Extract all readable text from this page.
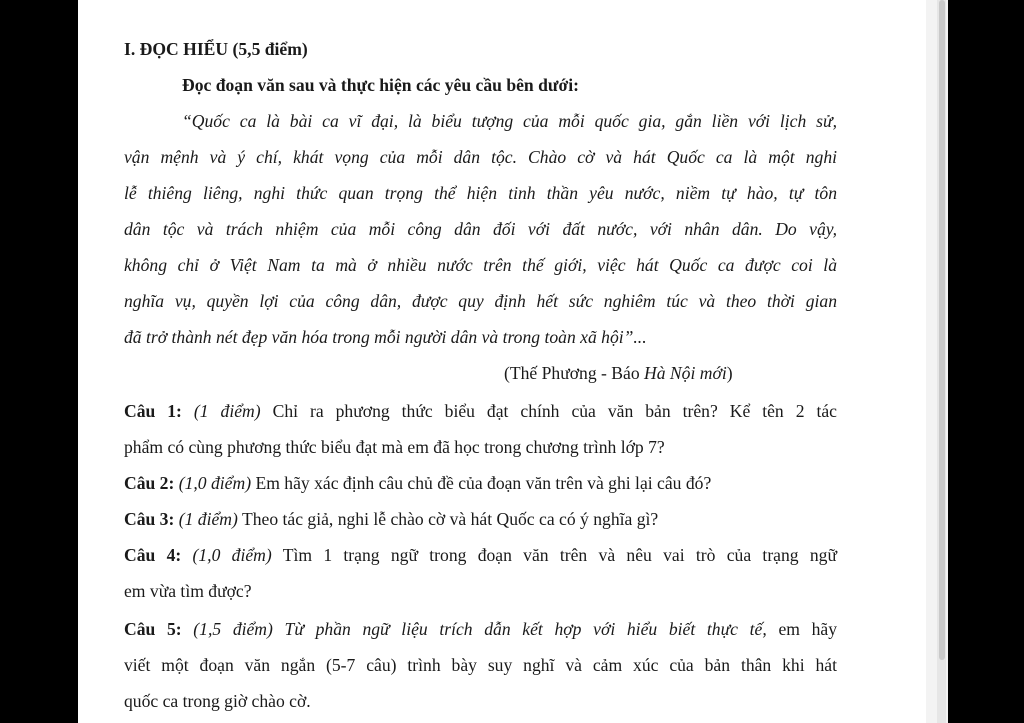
I. ĐỌC HIỂU (5,5 điểm)
Đọc đoạn văn sau và thực hiện các yêu cầu bên dưới:
“Quốc ca là bài ca vĩ đại, là biểu tượng của mỗi quốc gia, gắn liền với lịch sử,
vận mệnh và ý chí, khát vọng của mỗi dân tộc. Chào cờ và hát Quốc ca là một nghi
lễ thiêng liêng, nghi thức quan trọng thể hiện tinh thần yêu nước, niềm tự hào, tự tôn
dân tộc và trách nhiệm của mỗi công dân đối với đất nước, với nhân dân. Do vậy,
không chỉ ở Việt Nam ta mà ở nhiều nước trên thế giới, việc hát Quốc ca được coi là
nghĩa vụ, quyền lợi của công dân, được quy định hết sức nghiêm túc và theo thời gian
đã trở thành nét đẹp văn hóa trong mỗi người dân và trong toàn xã hội”...
(Thế Phương - Báo Hà Nội mới)
Câu 1: (1 điểm) Chỉ ra phương thức biểu đạt chính của văn bản trên? Kể tên 2 tác
phẩm có cùng phương thức biểu đạt mà em đã học trong chương trình lớp 7?
Câu 2: (1,0 điểm) Em hãy xác định câu chủ đề của đoạn văn trên và ghi lại câu đó?
Câu 3: (1 điểm) Theo tác giả, nghi lễ chào cờ và hát Quốc ca có ý nghĩa gì?
Câu 4: (1,0 điểm) Tìm 1 trạng ngữ trong đoạn văn trên và nêu vai trò của trạng ngữ
em vừa tìm được?
Câu 5: (1,5 điểm) Từ phần ngữ liệu trích dẫn kết hợp với hiểu biết thực tế, em hãy
viết một đoạn văn ngắn (5-7 câu) trình bày suy nghĩ và cảm xúc của bản thân khi hát
quốc ca trong giờ chào cờ.
